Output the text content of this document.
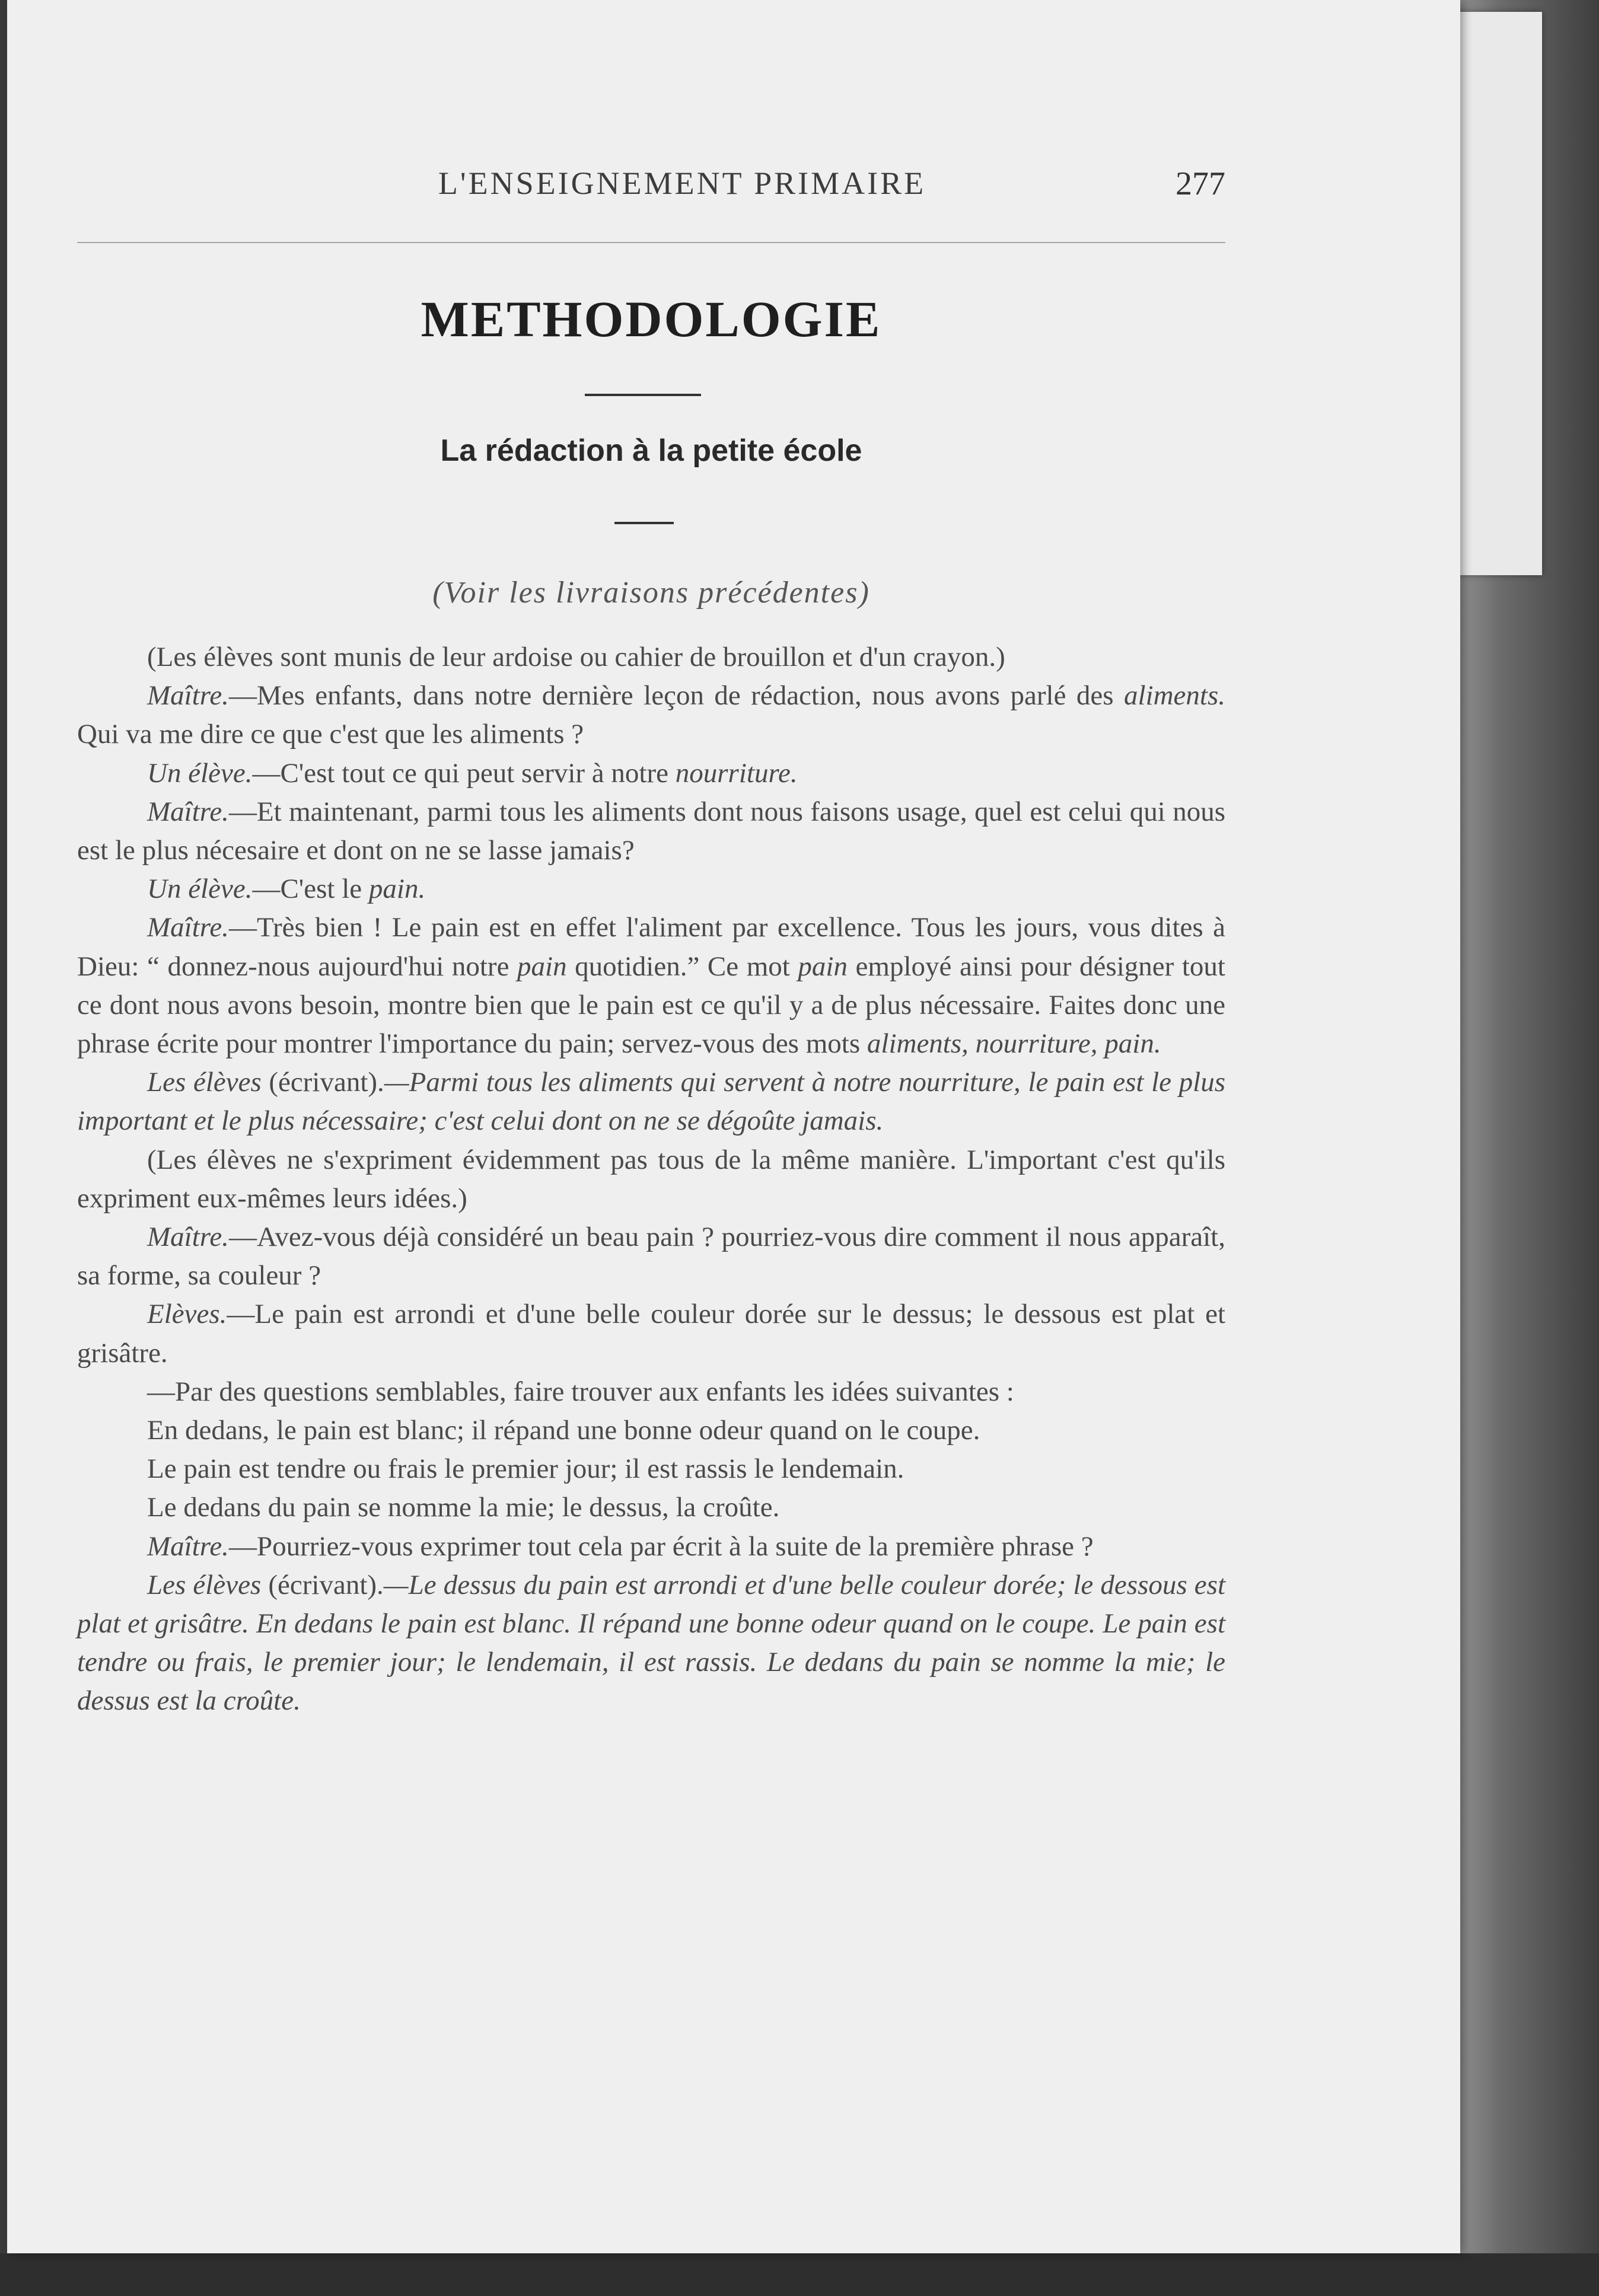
L'ENSEIGNEMENT PRIMAIRE	277
METHODOLOGIE
La rédaction à la petite école
(Voir les livraisons précédentes)

(Les élèves sont munis de leur ardoise ou cahier de brouillon et d'un crayon.)

Maître.—Mes enfants, dans notre dernière leçon de rédaction, nous avons parlé des aliments. Qui va me dire ce que c'est que les aliments ?

Un élève.—C'est tout ce qui peut servir à notre nourriture.

Maître.—Et maintenant, parmi tous les aliments dont nous faisons usage, quel est celui qui nous est le plus nécesaire et dont on ne se lasse jamais?

Un élève.—C'est le pain.

Maître.—Très bien ! Le pain est en effet l'aliment par excellence. Tous les jours, vous dites à Dieu: “ donnez-nous aujourd'hui notre pain quotidien.” Ce mot pain employé ainsi pour désigner tout ce dont nous avons besoin, montre bien que le pain est ce qu'il y a de plus nécessaire. Faites donc une phrase écrite pour montrer l'importance du pain; servez-vous des mots aliments, nourriture, pain.

Les élèves (écrivant).—Parmi tous les aliments qui servent à notre nourriture, le pain est le plus important et le plus nécessaire; c'est celui dont on ne se dégoûte jamais.

(Les élèves ne s'expriment évidemment pas tous de la même manière. L'important c'est qu'ils expriment eux-mêmes leurs idées.)

Maître.—Avez-vous déjà considéré un beau pain ? pourriez-vous dire comment il nous apparaît, sa forme, sa couleur ?

Elèves.—Le pain est arrondi et d'une belle couleur dorée sur le dessus; le dessous est plat et grisâtre.

—Par des questions semblables, faire trouver aux enfants les idées suivantes :

En dedans, le pain est blanc; il répand une bonne odeur quand on le coupe.

Le pain est tendre ou frais le premier jour; il est rassis le lendemain.

Le dedans du pain se nomme la mie; le dessus, la croûte.

Maître.—Pourriez-vous exprimer tout cela par écrit à la suite de la première phrase ?

Les élèves (écrivant).—Le dessus du pain est arrondi et d'une belle couleur dorée; le dessous est plat et grisâtre. En dedans le pain est blanc. Il répand une bonne odeur quand on le coupe. Le pain est tendre ou frais, le premier jour; le lendemain, il est rassis. Le dedans du pain se nomme la mie; le dessus est la croûte.
